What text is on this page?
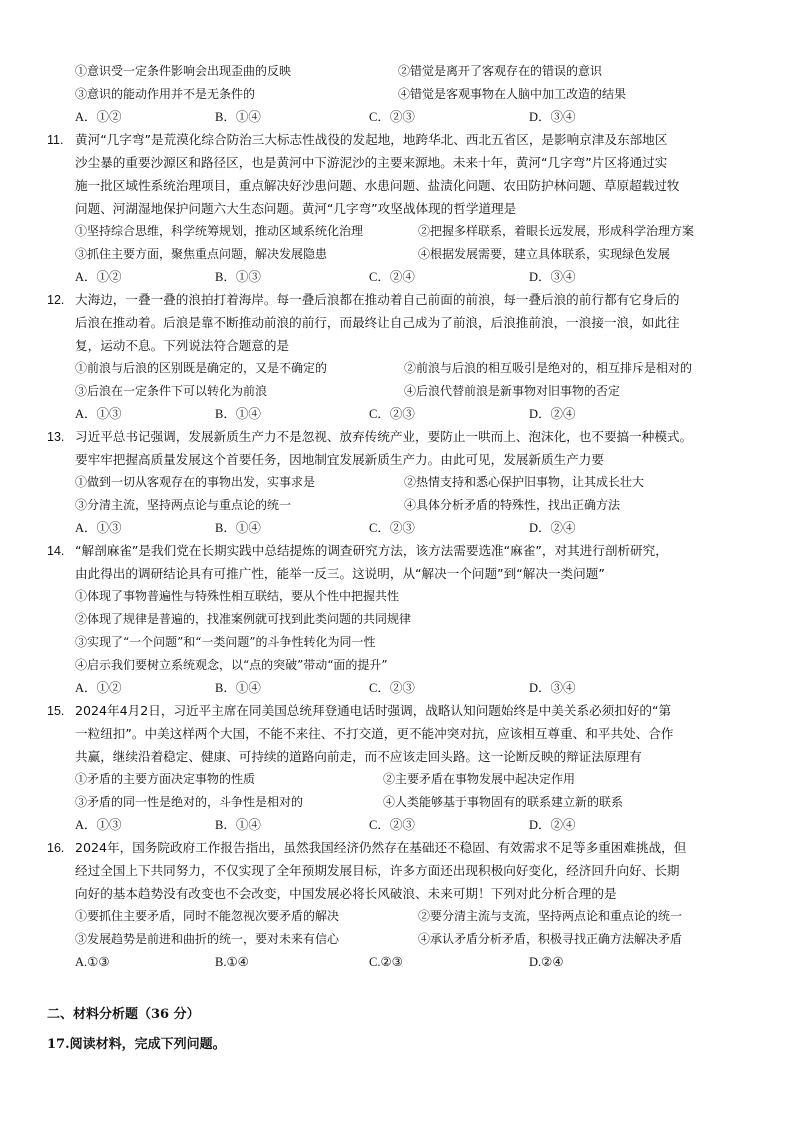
①意识受一定条件影响会出现歪曲的反映	②错觉是离开了客观存在的错误的意识
③意识的能动作用并不是无条件的	④错觉是客观事物在人脑中加工改造的结果
A．①②	B．①④	C．②③	D．③④
11. 黄河“几字弯”是荒漠化综合防治三大标志性战役的发起地，地跨华北、西北五省区，是影响京津及东部地区
沙尘暴的重要沙源区和路径区，也是黄河中下游泥沙的主要来源地。未来十年，黄河“几字弯”片区将通过实
施一批区域性系统治理项目，重点解决好沙患问题、水患问题、盐渍化问题、农田防护林问题、草原超载过牧
问题、河湖湿地保护问题六大生态问题。黄河“几字弯”攻坚战体现的哲学道理是
①坚持综合思维，科学统筹规划，推动区域系统化治理	②把握多样联系，着眼长远发展，形成科学治理方案
③抓住主要方面，聚焦重点问题，解决发展隐患	④根据发展需要，建立具体联系，实现绿色发展
A．①②	B．①③	C．②④	D．③④
12. 大海边，一叠一叠的浪拍打着海岸。每一叠后浪都在推动着自己前面的前浪，每一叠后浪的前行都有它身后的
后浪在推动着。后浪是靠不断推动前浪的前行，而最终让自己成为了前浪，后浪推前浪，一浪接一浪，如此往
复，运动不息。下列说法符合题意的是
①前浪与后浪的区别既是确定的，又是不确定的	②前浪与后浪的相互吸引是绝对的，相互排斥是相对的
③后浪在一定条件下可以转化为前浪	④后浪代替前浪是新事物对旧事物的否定
A．①③	B．①④	C．②③	D．②④
13. 习近平总书记强调，发展新质生产力不是忽视、放弃传统产业，要防止一哄而上、泡沫化，也不要搞一种模式。
要牢牢把握高质量发展这个首要任务，因地制宜发展新质生产力。由此可见，发展新质生产力要
①做到一切从客观存在的事物出发，实事求是	②热情支持和悉心保护旧事物，让其成长壮大
③分清主流，坚持两点论与重点论的统一	④具体分析矛盾的特殊性，找出正确方法
A．①③	B．①④	C．②③	D．②④
14. “解剖麻雀”是我们党在长期实践中总结提炼的调查研究方法，该方法需要选准“麻雀”，对其进行剖析研究，
由此得出的调研结论具有可推广性，能举一反三。这说明，从“解决一个问题”到“解决一类问题”
①体现了事物普遍性与特殊性相互联结，要从个性中把握共性
②体现了规律是普遍的，找准案例就可找到此类问题的共同规律
③实现了“一个问题”和“一类问题”的斗争性转化为同一性
④启示我们要树立系统观念，以“点的突破”带动“面的提升”
A．①②	B．①④	C．②③	D．③④
15. 2024年4月2日，习近平主席在同美国总统拜登通电话时强调，战略认知问题始终是中美关系必须扣好的“第
一粒纽扣”。中美这样两个大国，不能不来往、不打交道，更不能冲突对抗，应该相互尊重、和平共处、合作
共赢，继续沿着稳定、健康、可持续的道路向前走，而不应该走回头路。这一论断反映的辩证法原理有
①矛盾的主要方面决定事物的性质	②主要矛盾在事物发展中起决定作用
③矛盾的同一性是绝对的，斗争性是相对的	④人类能够基于事物固有的联系建立新的联系
A．①③	B．①④	C．②③	D．②④
16. 2024年，国务院政府工作报告指出，虽然我国经济仍然存在基础还不稳固、有效需求不足等多重困难挑战，但
经过全国上下共同努力，不仅实现了全年预期发展目标，许多方面还出现积极向好变化，经济回升向好、长期
向好的基本趋势没有改变也不会改变，中国发展必将长风破浪、未来可期！下列对此分析合理的是
①要抓住主要矛盾，同时不能忽视次要矛盾的解决	②要分清主流与支流，坚持两点论和重点论的统一
③发展趋势是前进和曲折的统一，要对未来有信心	④承认矛盾分析矛盾，积极寻找正确方法解决矛盾
A.①③	B.①④	C.②③	D.②④
二、材料分析题（36 分）
17.阅读材料，完成下列问题。
